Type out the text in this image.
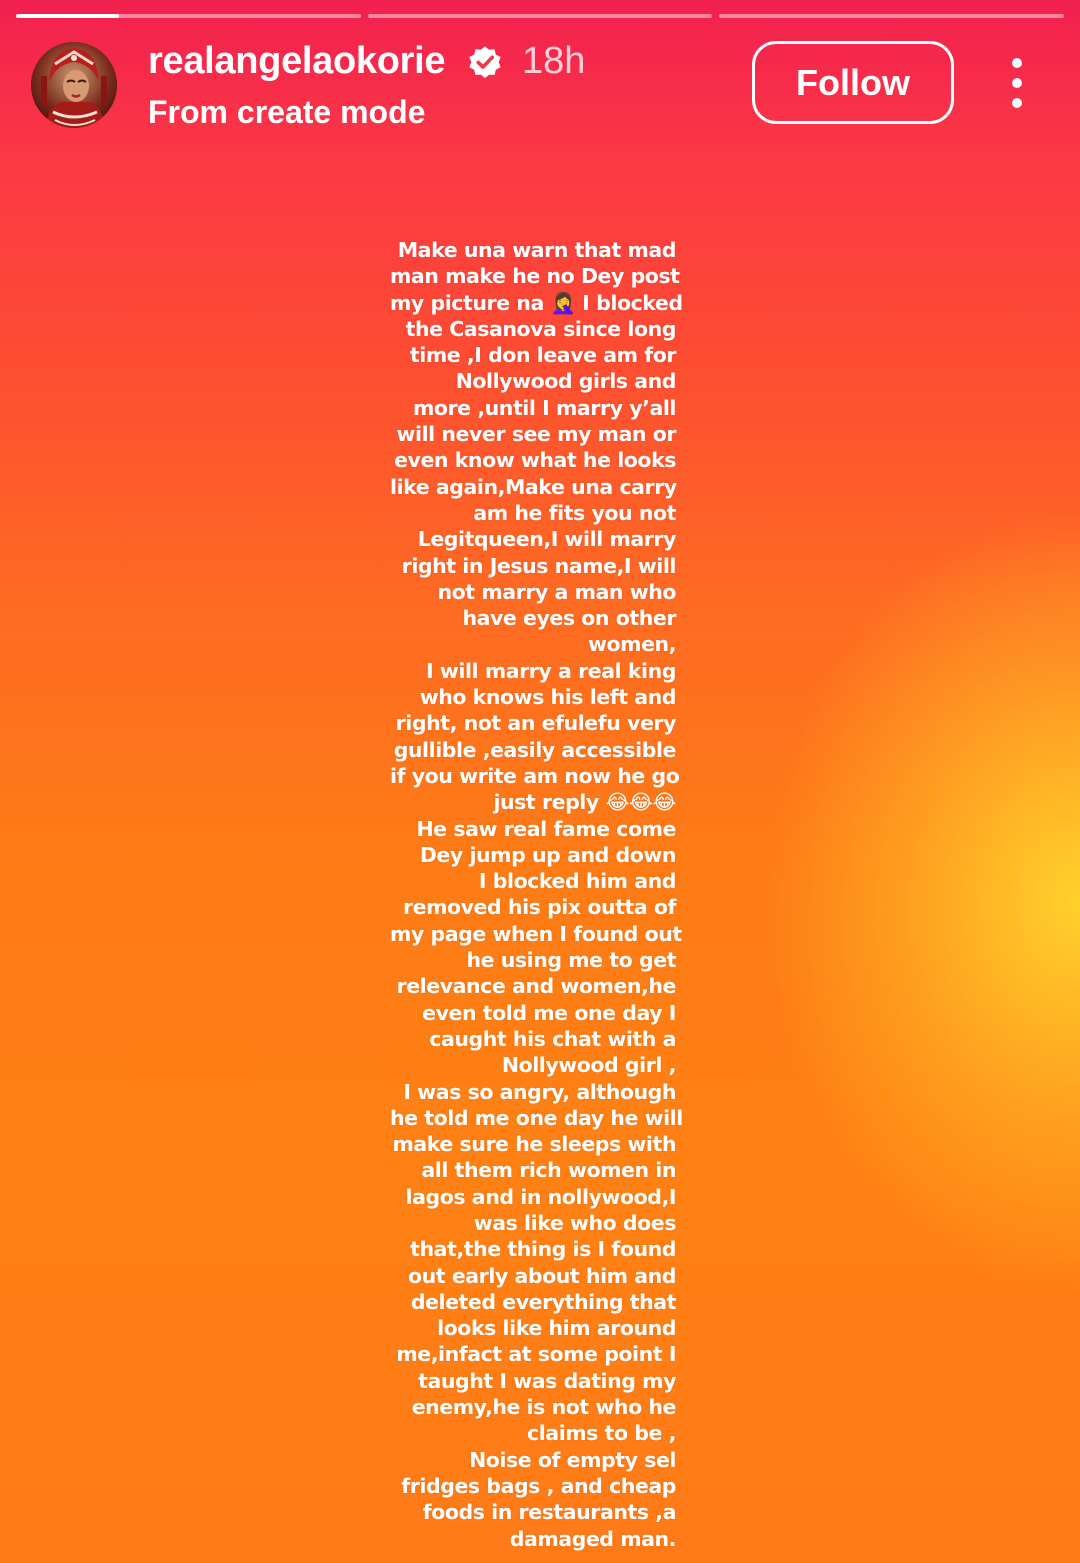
realangelaokorie 18h
From create mode
Follow
Make una warn that mad
man make he no Dey post
my picture na 🤦‍♀️ I blocked
the Casanova since long
time ,I don leave am for
Nollywood girls and
more ,until I marry y’all
will never see my man or
even know what he looks
like again,Make una carry
am he fits you not
Legitqueen,I will marry
right in Jesus name,I will
not marry a man who
have eyes on other
women,
I will marry a real king
who knows his left and
right, not an efulefu very
gullible ,easily accessible
if you write am now he go
just reply 😂😂😂
He saw real fame come
Dey jump up and down
I blocked him and
removed his pix outta of
my page when I found out
he using me to get
relevance and women,he
even told me one day I
caught his chat with a
Nollywood girl ,
I was so angry, although
he told me one day he will
make sure he sleeps with
all them rich women in
lagos and in nollywood,I
was like who does
that,the thing is I found
out early about him and
deleted everything that
looks like him around
me,infact at some point I
taught I was dating my
enemy,he is not who he
claims to be ,
Noise of empty sel
fridges bags , and cheap
foods in restaurants ,a
damaged man.
